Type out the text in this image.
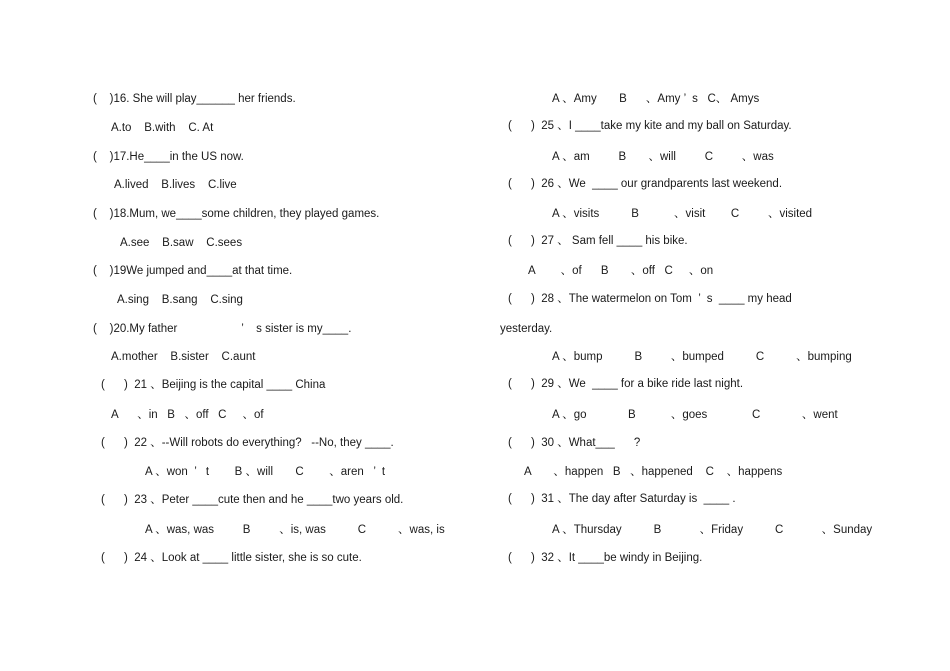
(    )16. She will play______ her friends.
A.to    B.with    C. At
(    )17.He____in the US now.
A.lived    B.lives    C.live
(    )18.Mum, we____some children, they played games.
A.see    B.saw    C.sees
(    )19We jumped and____at that time.
A.sing    B.sang    C.sing
(    )20.My father                    ’    s sister is my____.
A.mother    B.sister    C.aunt
(      )  21 、Beijing is the capital ____ China
A      、in   B   、off   C     、of
(      )  22 、--Will robots do everything?   --No, they ____.
A 、won  ’   t        B 、will       C        、aren   ’  t
(      )  23 、Peter ____cute then and he ____two years old.
A 、was, was         B         、is, was          C          、was, is
(      )  24 、Look at ____ little sister, she is so cute.
A 、Amy       B      、Amy ’  s   C、 Amys
(      )  25 、I ____take my kite and my ball on Saturday.
A 、am         B       、will         C         、was
(      )  26 、We  ____ our grandparents last weekend.
A 、visits          B           、visit        C         、visited
(      )  27 、 Sam fell ____ his bike.
A        、of      B       、off   C     、on
(      )  28 、The watermelon on Tom  ’  s  ____ my head
yesterday.
A 、bump          B         、bumped          C          、bumping
(      )  29 、We  ____ for a bike ride last night.
A 、go             B           、goes              C             、went
(      )  30 、What___      ?
A       、happen   B   、happened    C    、happens
(      )  31 、The day after Saturday is  ____ .
A 、Thursday          B            、Friday          C            、Sunday
(      )  32 、It ____be windy in Beijing.
